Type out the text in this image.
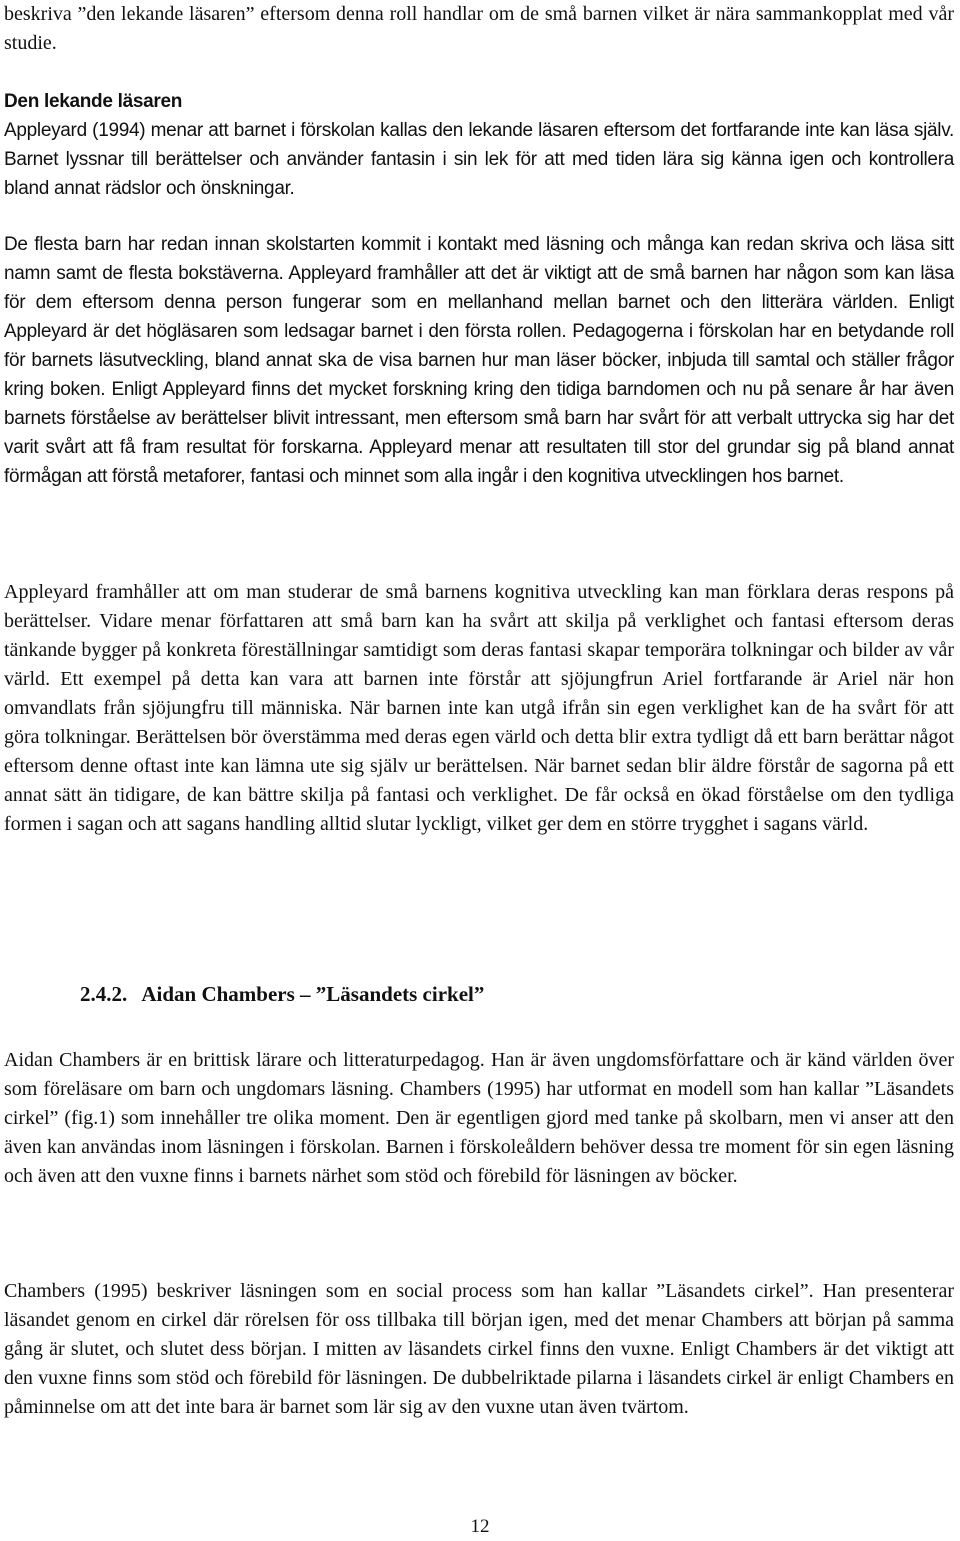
beskriva ”den lekande läsaren” eftersom denna roll handlar om de små barnen vilket är nära sammankopplat med vår studie.

Den lekande läsaren
Appleyard (1994) menar att barnet i förskolan kallas den lekande läsaren eftersom det fortfarande inte kan läsa själv. Barnet lyssnar till berättelser och använder fantasin i sin lek för att med tiden lära sig känna igen och kontrollera bland annat rädslor och önskningar.

De flesta barn har redan innan skolstarten kommit i kontakt med läsning och många kan redan skriva och läsa sitt namn samt de flesta bokstäverna. Appleyard framhåller att det är viktigt att de små barnen har någon som kan läsa för dem eftersom denna person fungerar som en mellanhand mellan barnet och den litterära världen. Enligt Appleyard är det högläsaren som ledsagar barnet i den första rollen. Pedagogerna i förskolan har en betydande roll för barnets läsutveckling, bland annat ska de visa barnen hur man läser böcker, inbjuda till samtal och ställer frågor kring boken. Enligt Appleyard finns det mycket forskning kring den tidiga barndomen och nu på senare år har även barnets förståelse av berättelser blivit intressant, men eftersom små barn har svårt för att verbalt uttrycka sig har det varit svårt att få fram resultat för forskarna. Appleyard menar att resultaten till stor del grundar sig på bland annat förmågan att förstå metaforer, fantasi och minnet som alla ingår i den kognitiva utvecklingen hos barnet.

Appleyard framhåller att om man studerar de små barnens kognitiva utveckling kan man förklara deras respons på berättelser. Vidare menar författaren att små barn kan ha svårt att skilja på verklighet och fantasi eftersom deras tänkande bygger på konkreta föreställningar samtidigt som deras fantasi skapar temporära tolkningar och bilder av vår värld. Ett exempel på detta kan vara att barnen inte förstår att sjöjungfrun Ariel fortfarande är Ariel när hon omvandlats från sjöjungfru till människa. När barnen inte kan utgå ifrån sin egen verklighet kan de ha svårt för att göra tolkningar. Berättelsen bör överstämma med deras egen värld och detta blir extra tydligt då ett barn berättar något eftersom denne oftast inte kan lämna ute sig själv ur berättelsen. När barnet sedan blir äldre förstår de sagorna på ett annat sätt än tidigare, de kan bättre skilja på fantasi och verklighet. De får också en ökad förståelse om den tydliga formen i sagan och att sagans handling alltid slutar lyckligt, vilket ger dem en större trygghet i sagans värld.

2.4.2. Aidan Chambers – ”Läsandets cirkel”

Aidan Chambers är en brittisk lärare och litteraturpedagog. Han är även ungdomsförfattare och är känd världen över som föreläsare om barn och ungdomars läsning. Chambers (1995) har utformat en modell som han kallar ”Läsandets cirkel” (fig.1) som innehåller tre olika moment. Den är egentligen gjord med tanke på skolbarn, men vi anser att den även kan användas inom läsningen i förskolan. Barnen i förskoleåldern behöver dessa tre moment för sin egen läsning och även att den vuxne finns i barnets närhet som stöd och förebild för läsningen av böcker.

Chambers (1995) beskriver läsningen som en social process som han kallar ”Läsandets cirkel”. Han presenterar läsandet genom en cirkel där rörelsen för oss tillbaka till början igen, med det menar Chambers att början på samma gång är slutet, och slutet dess början. I mitten av läsandets cirkel finns den vuxne. Enligt Chambers är det viktigt att den vuxne finns som stöd och förebild för läsningen. De dubbelriktade pilarna i läsandets cirkel är enligt Chambers en påminnelse om att det inte bara är barnet som lär sig av den vuxne utan även tvärtom.

12
